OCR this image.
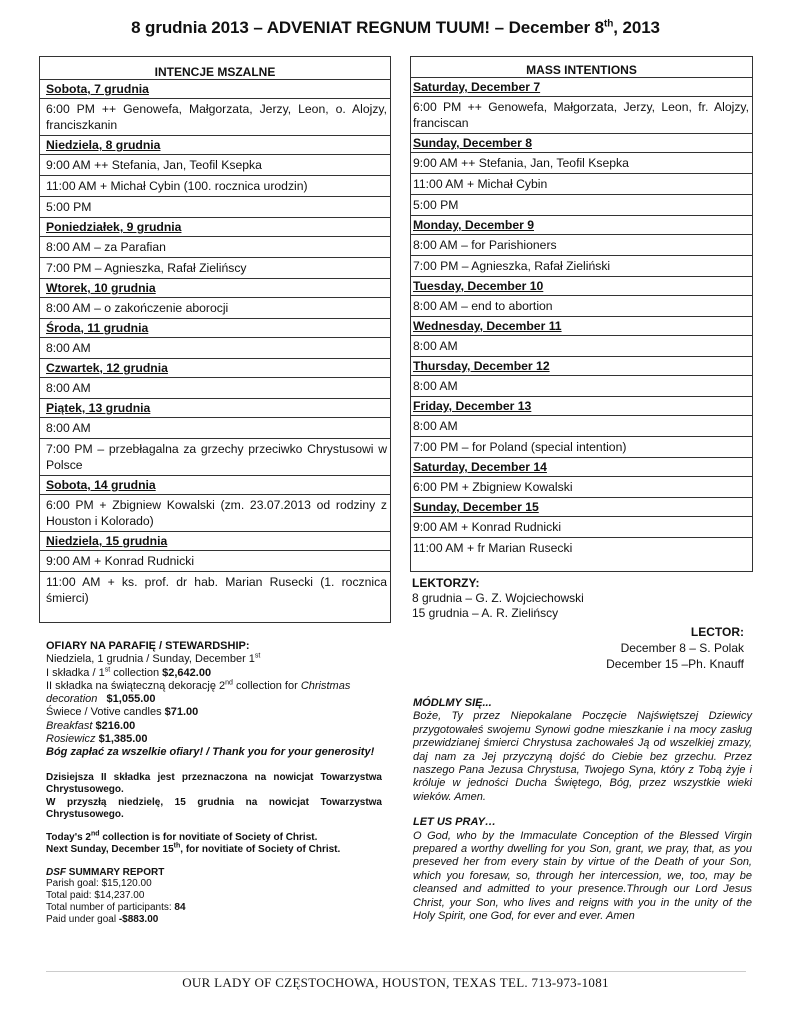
8 grudnia 2013 – ADVENIAT REGNUM TUUM! – December 8th, 2013
INTENCJE MSZALNE
Sobota, 7 grudnia
6:00 PM ++ Genowefa, Małgorzata, Jerzy, Leon, o. Alojzy, franciszkanin
Niedziela, 8 grudnia
9:00 AM ++ Stefania, Jan, Teofil Ksepka
11:00 AM + Michał Cybin (100. rocznica urodzin)
5:00 PM
Poniedziałek, 9 grudnia
8:00 AM – za Parafian
7:00 PM – Agnieszka, Rafał Zielińscy
Wtorek, 10 grudnia
8:00 AM – o zakończenie aborocji
Środa, 11 grudnia
8:00 AM
Czwartek, 12 grudnia
8:00 AM
Piątek, 13 grudnia
8:00 AM
7:00 PM – przebłagalna za grzechy przeciwko Chrystusowi w Polsce
Sobota, 14 grudnia
6:00 PM + Zbigniew Kowalski (zm. 23.07.2013 od rodziny z Houston i Kolorado)
Niedziela, 15 grudnia
9:00 AM + Konrad Rudnicki
11:00 AM + ks. prof. dr hab. Marian Rusecki (1. rocznica śmierci)
MASS INTENTIONS
Saturday, December 7
6:00 PM ++ Genowefa, Małgorzata, Jerzy, Leon, fr. Alojzy, franciscan
Sunday, December 8
9:00 AM ++ Stefania, Jan, Teofil Ksepka
11:00 AM + Michał Cybin
5:00 PM
Monday, December 9
8:00 AM – for Parishioners
7:00 PM – Agnieszka, Rafał Zieliński
Tuesday, December 10
8:00 AM – end to abortion
Wednesday, December 11
8:00 AM
Thursday, December 12
8:00 AM
Friday, December 13
8:00 AM
7:00 PM – for Poland (special intention)
Saturday, December 14
6:00 PM + Zbigniew Kowalski
Sunday, December 15
9:00 AM + Konrad Rudnicki
11:00 AM + fr Marian Rusecki
LEKTORZY:
8 grudnia – G. Z. Wojciechowski
15 grudnia – A. R. Zielińscy
LECTOR:
December 8 – S. Polak
December 15 –Ph. Knauff
OFIARY NA PARAFIĘ / STEWARDSHIP:
Niedziela, 1 grudnia / Sunday, December 1st
I składka / 1st collection $2,642.00
II składka na świąteczną dekorację 2nd collection for Christmas decoration $1,055.00
Świece / Votive candles $71.00
Breakfast $216.00
Rosiewicz $1,385.00
Bóg zapłać za wszelkie ofiary! / Thank you for your generosity!
Dzisiejsza II składka jest przeznaczona na nowicjat Towarzystwa Chrystusowego.
W przyszłą niedzielę, 15 grudnia na nowicjat Towarzystwa Chrystusowego.
Today's 2nd collection is for novitiate of Society of Christ.
Next Sunday, December 15th, for novitiate of Society of Christ.
DSF SUMMARY REPORT
Parish goal: $15,120.00
Total paid: $14,237.00
Total number of participants: 84
Paid under goal -$883.00
MÓDLMY SIĘ...
Boże, Ty przez Niepokalane Poczęcie Najświętszej Dziewicy przygotowałeś swojemu Synowi godne mieszkanie i na mocy zasług przewidzianej śmierci Chrystusa zachowałeś Ją od wszelkiej zmazy, daj nam za Jej przyczyną dojść do Ciebie bez grzechu. Przez naszego Pana Jezusa Chrystusa, Twojego Syna, który z Tobą żyje i króluje w jedności Ducha Świętego, Bóg, przez wszystkie wieki wieków. Amen.
LET US PRAY…
O God, who by the Immaculate Conception of the Blessed Virgin prepared a worthy dwelling for you Son, grant, we pray, that, as you preseved her from every stain by virtue of the Death of your Son, which you foresaw, so, through her intercession, we, too, may be cleansed and admitted to your presence.Through our Lord Jesus Christ, your Son, who lives and reigns with you in the unity of the Holy Spirit, one God, for ever and ever. Amen
OUR LADY OF CZĘSTOCHOWA, HOUSTON, TEXAS TEL. 713-973-1081
